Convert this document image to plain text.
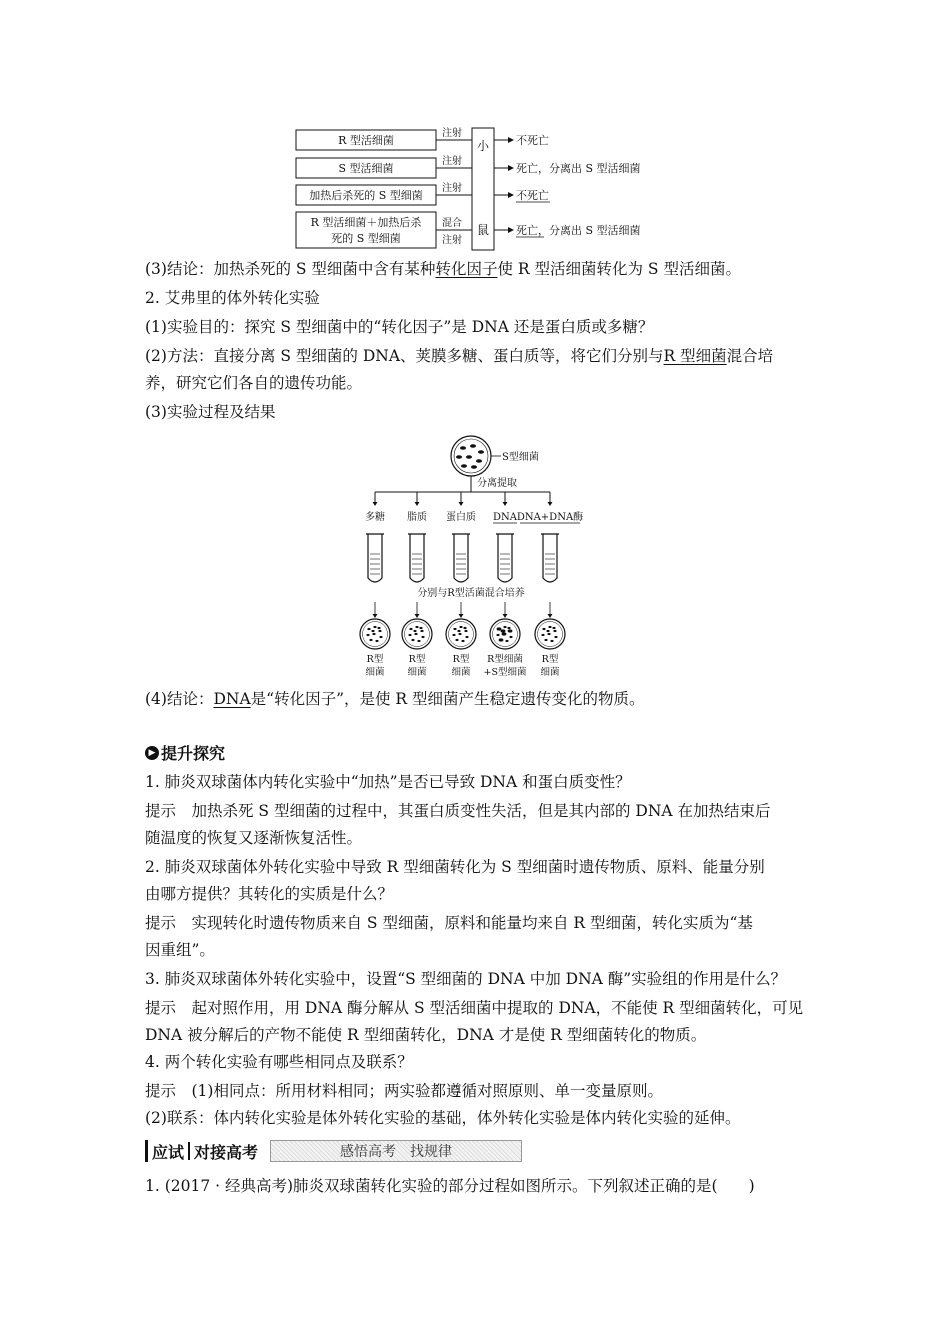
R 型活细菌
S 型活细菌
加热后杀死的 S 型细菌
R 型活细菌＋加热后杀
死的 S 型细菌
注射
注射
注射
混合
注射
小
鼠
不死亡
死亡，分离出 S 型活细菌
不死亡
死亡，分离出 S 型活细菌
(3)结论：加热杀死的 S 型细菌中含有某种转化因子使 R 型活细菌转化为 S 型活细菌。
2. 艾弗里的体外转化实验
(1)实验目的：探究 S 型细菌中的“转化因子”是 DNA 还是蛋白质或多糖？
(2)方法：直接分离 S 型细菌的 DNA、荚膜多糖、蛋白质等，将它们分别与R 型细菌混合培
养，研究它们各自的遗传功能。
(3)实验过程及结果
S型细菌
分离提取
多糖
R型
细菌
脂质
R型
细菌
蛋白质
R型
细菌
DNA
R型细菌
+S型细菌
DNA+DNA酶
R型
细菌
分别与R型活菌混合培养
(4)结论：DNA是“转化因子”，是使 R 型细菌产生稳定遗传变化的物质。
▶ 提升探究
1. 肺炎双球菌体内转化实验中“加热”是否已导致 DNA 和蛋白质变性？
提示　加热杀死 S 型细菌的过程中，其蛋白质变性失活，但是其内部的 DNA 在加热结束后
随温度的恢复又逐渐恢复活性。
2. 肺炎双球菌体外转化实验中导致 R 型细菌转化为 S 型细菌时遗传物质、原料、能量分别
由哪方提供？其转化的实质是什么？
提示　实现转化时遗传物质来自 S 型细菌，原料和能量均来自 R 型细菌，转化实质为“基
因重组”。
3. 肺炎双球菌体外转化实验中，设置“S 型细菌的 DNA 中加 DNA 酶”实验组的作用是什么？
提示　起对照作用，用 DNA 酶分解从 S 型活细菌中提取的 DNA，不能使 R 型细菌转化，可见
DNA 被分解后的产物不能使 R 型细菌转化，DNA 才是使 R 型细菌转化的物质。
4. 两个转化实验有哪些相同点及联系？
提示　(1)相同点：所用材料相同；两实验都遵循对照原则、单一变量原则。
(2)联系：体内转化实验是体外转化实验的基础，体外转化实验是体内转化实验的延伸。
应试 对接高考	感悟高考　找规律
1. (2017 · 经典高考)肺炎双球菌转化实验的部分过程如图所示。下列叙述正确的是(　　)
